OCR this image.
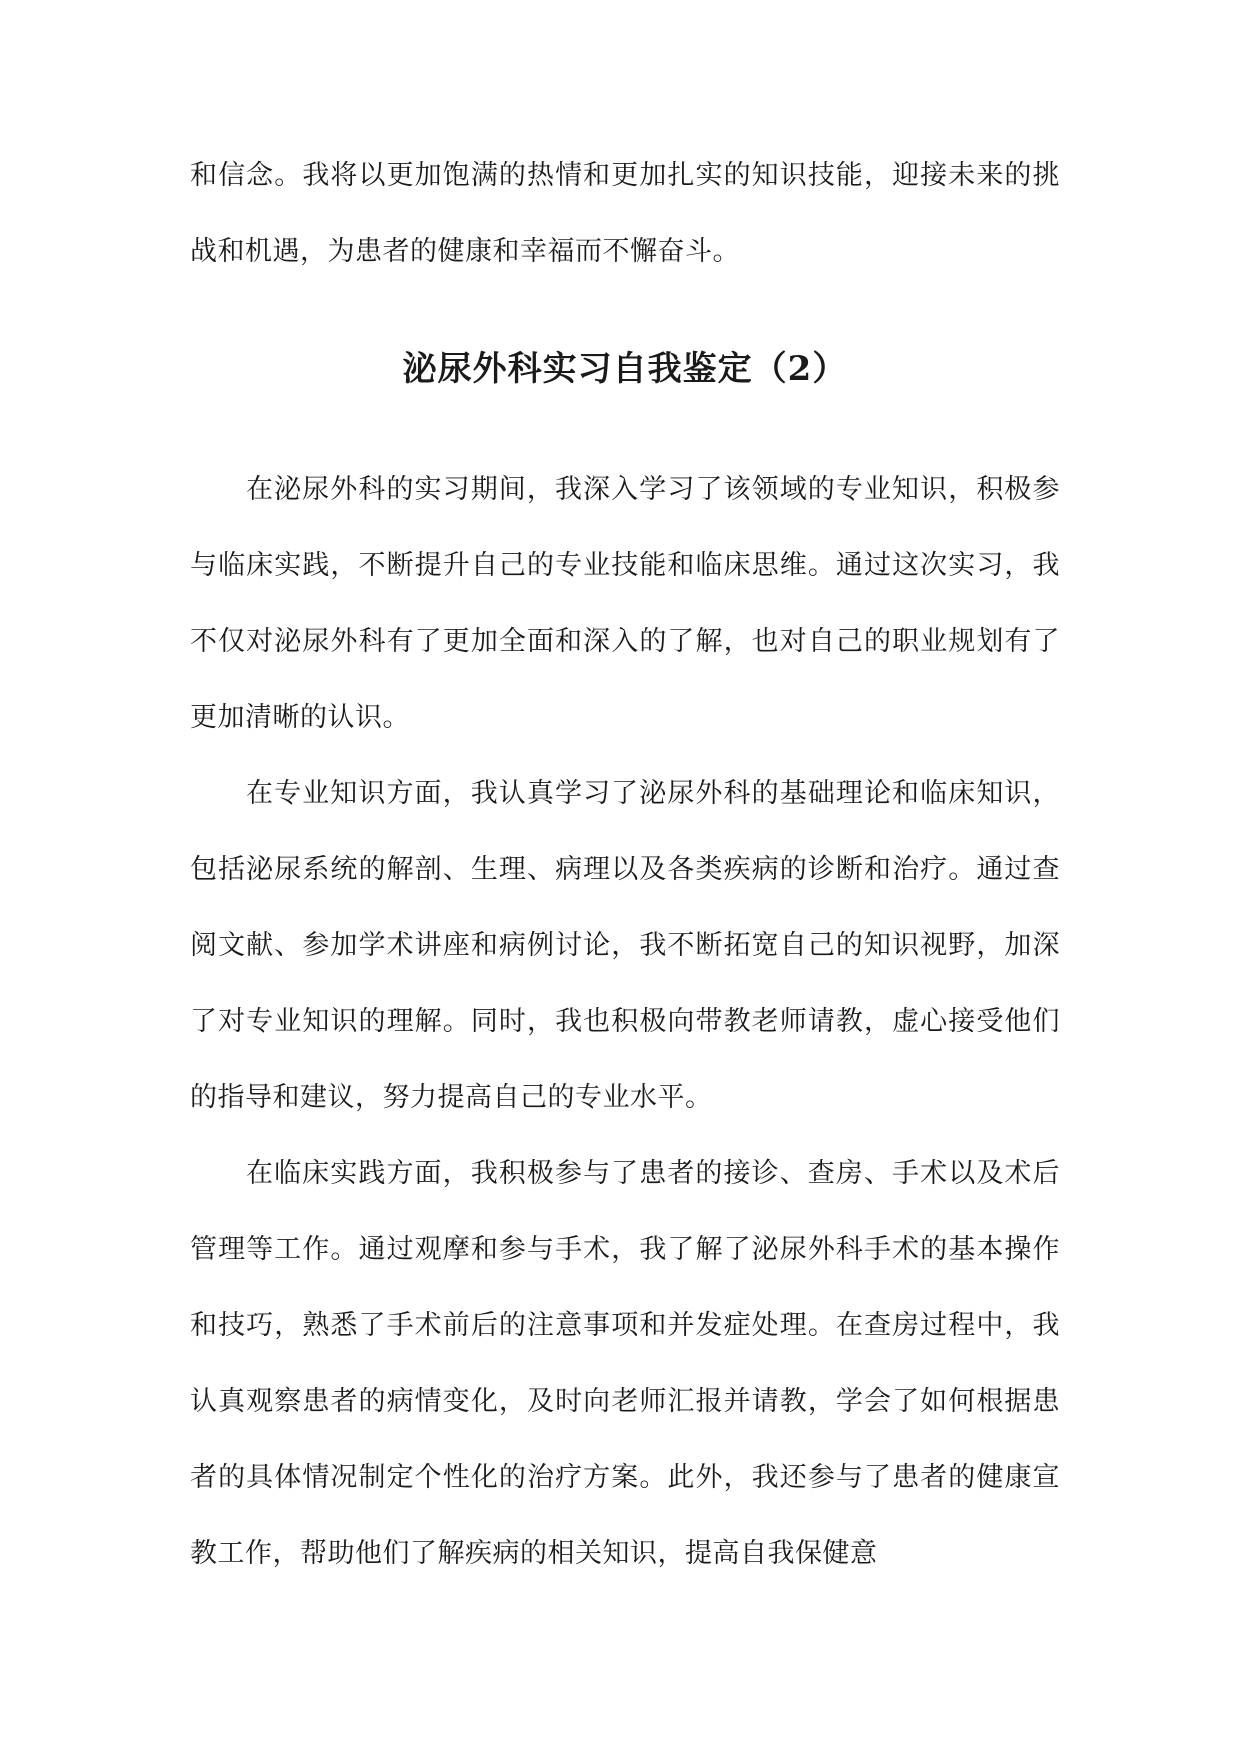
和信念。我将以更加饱满的热情和更加扎实的知识技能，迎接未来的挑战和机遇，为患者的健康和幸福而不懈奋斗。

泌尿外科实习自我鉴定（2）

在泌尿外科的实习期间，我深入学习了该领域的专业知识，积极参与临床实践，不断提升自己的专业技能和临床思维。通过这次实习，我不仅对泌尿外科有了更加全面和深入的了解，也对自己的职业规划有了更加清晰的认识。

在专业知识方面，我认真学习了泌尿外科的基础理论和临床知识，包括泌尿系统的解剖、生理、病理以及各类疾病的诊断和治疗。通过查阅文献、参加学术讲座和病例讨论，我不断拓宽自己的知识视野，加深了对专业知识的理解。同时，我也积极向带教老师请教，虚心接受他们的指导和建议，努力提高自己的专业水平。

在临床实践方面，我积极参与了患者的接诊、查房、手术以及术后管理等工作。通过观摩和参与手术，我了解了泌尿外科手术的基本操作和技巧，熟悉了手术前后的注意事项和并发症处理。在查房过程中，我认真观察患者的病情变化，及时向老师汇报并请教，学会了如何根据患者的具体情况制定个性化的治疗方案。此外，我还参与了患者的健康宣教工作，帮助他们了解疾病的相关知识，提高自我保健意
